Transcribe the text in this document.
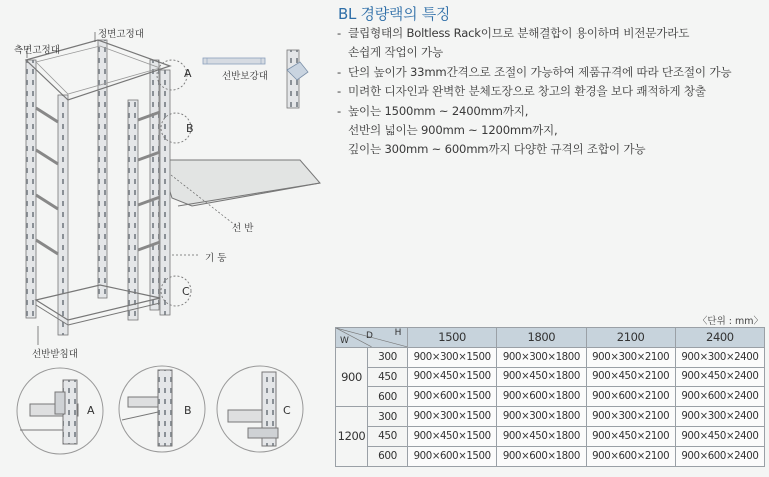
정면고정대
측면고정대
선반보강대
선 반
기 둥
선반받침대
A
B
C
A	B	C
BL 경량랙의 특징
- 클립형태의 Boltless Rack이므로 분해결합이 용이하며 비전문가라도
손쉽게 작업이 가능
- 단의 높이가 33mm간격으로 조절이 가능하여 제품규격에 따라 단조절이 가능
- 미려한 디자인과 완벽한 분체도장으로 창고의 환경을 보다 쾌적하게 창출
- 높이는 1500mm ~ 2400mm까지,
선반의 넓이는 900mm ~ 1200mm까지,
깊이는 300mm ~ 600mm까지 다양한 규격의 조합이 가능
〈단위 : mm〉
W D H		1500	1800	2100	2400
900	300	900×300×1500	900×300×1800	900×300×2100	900×300×2400
	450	900×450×1500	900×450×1800	900×450×2100	900×450×2400
	600	900×600×1500	900×600×1800	900×600×2100	900×600×2400
1200	300	900×300×1500	900×300×1800	900×300×2100	900×300×2400
	450	900×450×1500	900×450×1800	900×450×2100	900×450×2400
	600	900×600×1500	900×600×1800	900×600×2100	900×600×2400
